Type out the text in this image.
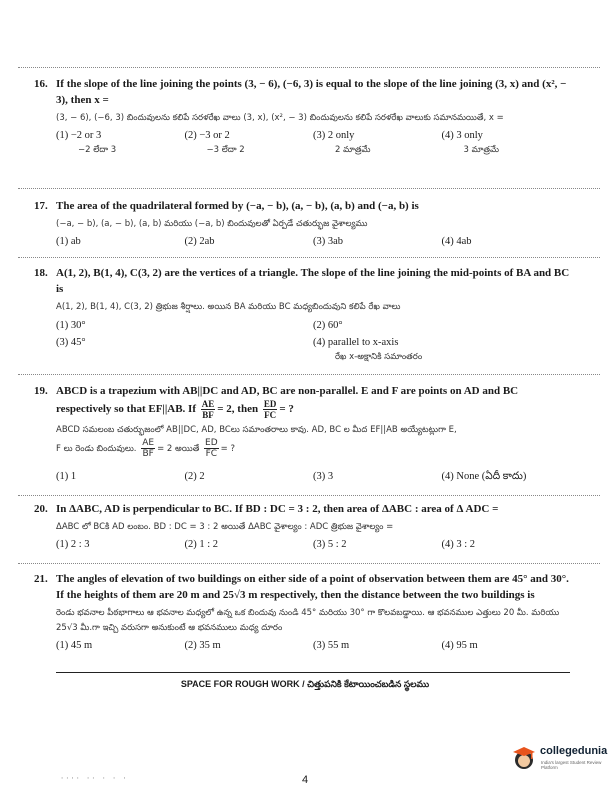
16. If the slope of the line joining the points (3, − 6), (−6, 3) is equal to the slope of the line joining (3, x) and (x², − 3), then x =
(3, − 6), (−6, 3) బిందువులను కలిపే సరళరేఖ వాలు (3, x), (x², − 3) బిందువులను కలిపే సరళరేఖ వాలుకు సమానమయితే, x =
(1) −2 or 3
−2 లేదా 3
(2) −3 or 2
−3 లేదా 2
(3) 2 only
2 మాత్రమే
(4) 3 only
3 మాత్రమే
17. The area of the quadrilateral formed by (−a, − b), (a, − b), (a, b) and (−a, b) is
(−a, − b), (a, − b), (a, b) మరియు (−a, b) బిందువులతో ఏర్పడే చతుర్భుజ వైశాల్యము
(1) ab	(2) 2ab	(3) 3ab	(4) 4ab
18. A(1, 2), B(1, 4), C(3, 2) are the vertices of a triangle. The slope of the line joining the mid-points of BA and BC is
A(1, 2), B(1, 4), C(3, 2) త్రిభుజ శీర్షాలు. అయిన BA మరియు BC మధ్యబిందువుని కలిపే రేఖ వాలు
(1) 30°	(2) 60°
(3) 45°	(4) parallel to x-axis
రేఖ x-అక్షానికి సమాంతరం
19. ABCD is a trapezium with AB||DC and AD, BC are non-parallel. E and F are points on AD and BC respectively so that EF||AB. If $\frac{AE}{BF} = 2$, then $\frac{ED}{FC}$ = ?
ABCD సమలంబ చతుర్భుజంలో AB||DC, AD, BCలు సమాంతరాలు కావు. AD, BC ల మీద EF||AB అయ్యేటట్లుగా E,
F లు రెండు బిందువులు. $\frac{AE}{BF} = 2$ అయితే $\frac{ED}{FC}$ = ?
(1) 1	(2) 2	(3) 3	(4) None (ఏదీ కాదు)
20. In ΔABC, AD is perpendicular to BC. If BD : DC = 3 : 2, then area of ΔABC : area of Δ ADC =
ΔABC లో BCకి AD లంబం. BD : DC = 3 : 2 అయితే ΔABC వైశాల్యం : ADC త్రిభుజ వైశాల్యం =
(1) 2 : 3	(2) 1 : 2	(3) 5 : 2	(4) 3 : 2
21. The angles of elevation of two buildings on either side of a point of observation between them are 45° and 30°. If the heights of them are 20 m and 25√3 m respectively, then the distance between the two buildings is
రెండు భవనాల పీఠభాగాలు ఆ భవనాల మధ్యలో ఉన్న ఒక బిందువు నుండి 45° మరియు 30° గా కొలవబడ్డాయి. ఆ భవనముల ఎత్తులు 20 మీ. మరియు 25√3 మీ.గా ఇచ్చి వరుసగా అనుకుంటే ఆ భవనములు మధ్య దూరం
(1) 45 m	(2) 35 m	(3) 55 m	(4) 95 m
SPACE FOR ROUGH WORK / చిత్తుపనికి కేటాయించబడిన స్థలము
···· ·· · · ·	4
collegedunia
India's largest Student Review Platform
